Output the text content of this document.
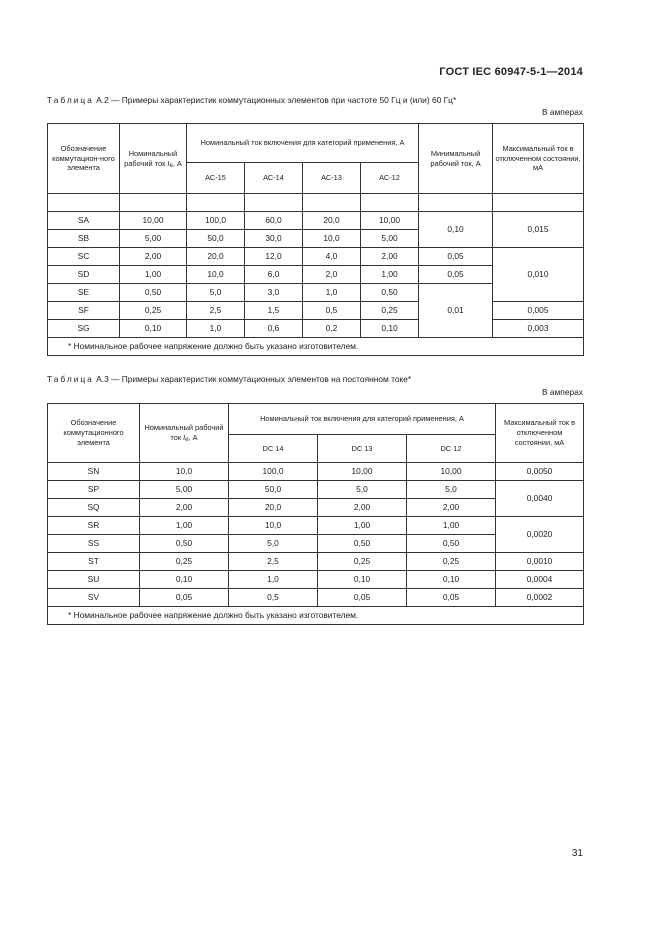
ГОСТ IEC 60947-5-1—2014
Таблица А.2 — Примеры характеристик коммутационных элементов при частоте 50 Гц и (или) 60 Гц*
В амперах
Обозначение коммутацион-ного элемента	Номинальный рабочий ток $I_e$, А	Номинальный ток включения для категорий применения, А				Минимальный рабочий ток, А	Максимальный ток в отключенном состоянии, мА
		АС-15	АС-14	АС-13	АС-12		

SA	10,00	100,0	60,0	20,0	10,00	0,10	0,015
SB	5,00	50,0	30,0	10,0	5,00		
SC	2,00	20,0	12,0	4,0	2,00	0,05	0,010
SD	1,00	10,0	6,0	2,0	1,00	0,05	
SE	0,50	5,0	3,0	1,0	0,50	0,01	
SF	0,25	2,5	1,5	0,5	0,25		0,005
SG	0,10	1,0	0,6	0,2	0,10		0,003
* Номинальное рабочее напряжение должно быть указано изготовителем.							
Таблица А.3 — Примеры характеристик коммутационных элементов на постоянном токе*
В амперах
Обозначение коммутационного элемента	Номинальный рабочий ток $I_e$, А	Номинальный ток включения для категорий применения, А			Максимальный ток в отключенном состоянии, мА
		DC 14	DC 13	DC 12	
SN	10,0	100,0	10,00	10,00	0,0050
SP	5,00	50,0	5,0	5,0	0,0040
SQ	2,00	20,0	2,00	2,00	
SR	1,00	10,0	1,00	1,00	0,0020
SS	0,50	5,0	0,50	0,50	
ST	0,25	2,5	0,25	0,25	0,0010
SU	0,10	1,0	0,10	0,10	0,0004
SV	0,05	0,5	0,05	0,05	0,0002
* Номинальное рабочее напряжение должно быть указано изготовителем.					
31
